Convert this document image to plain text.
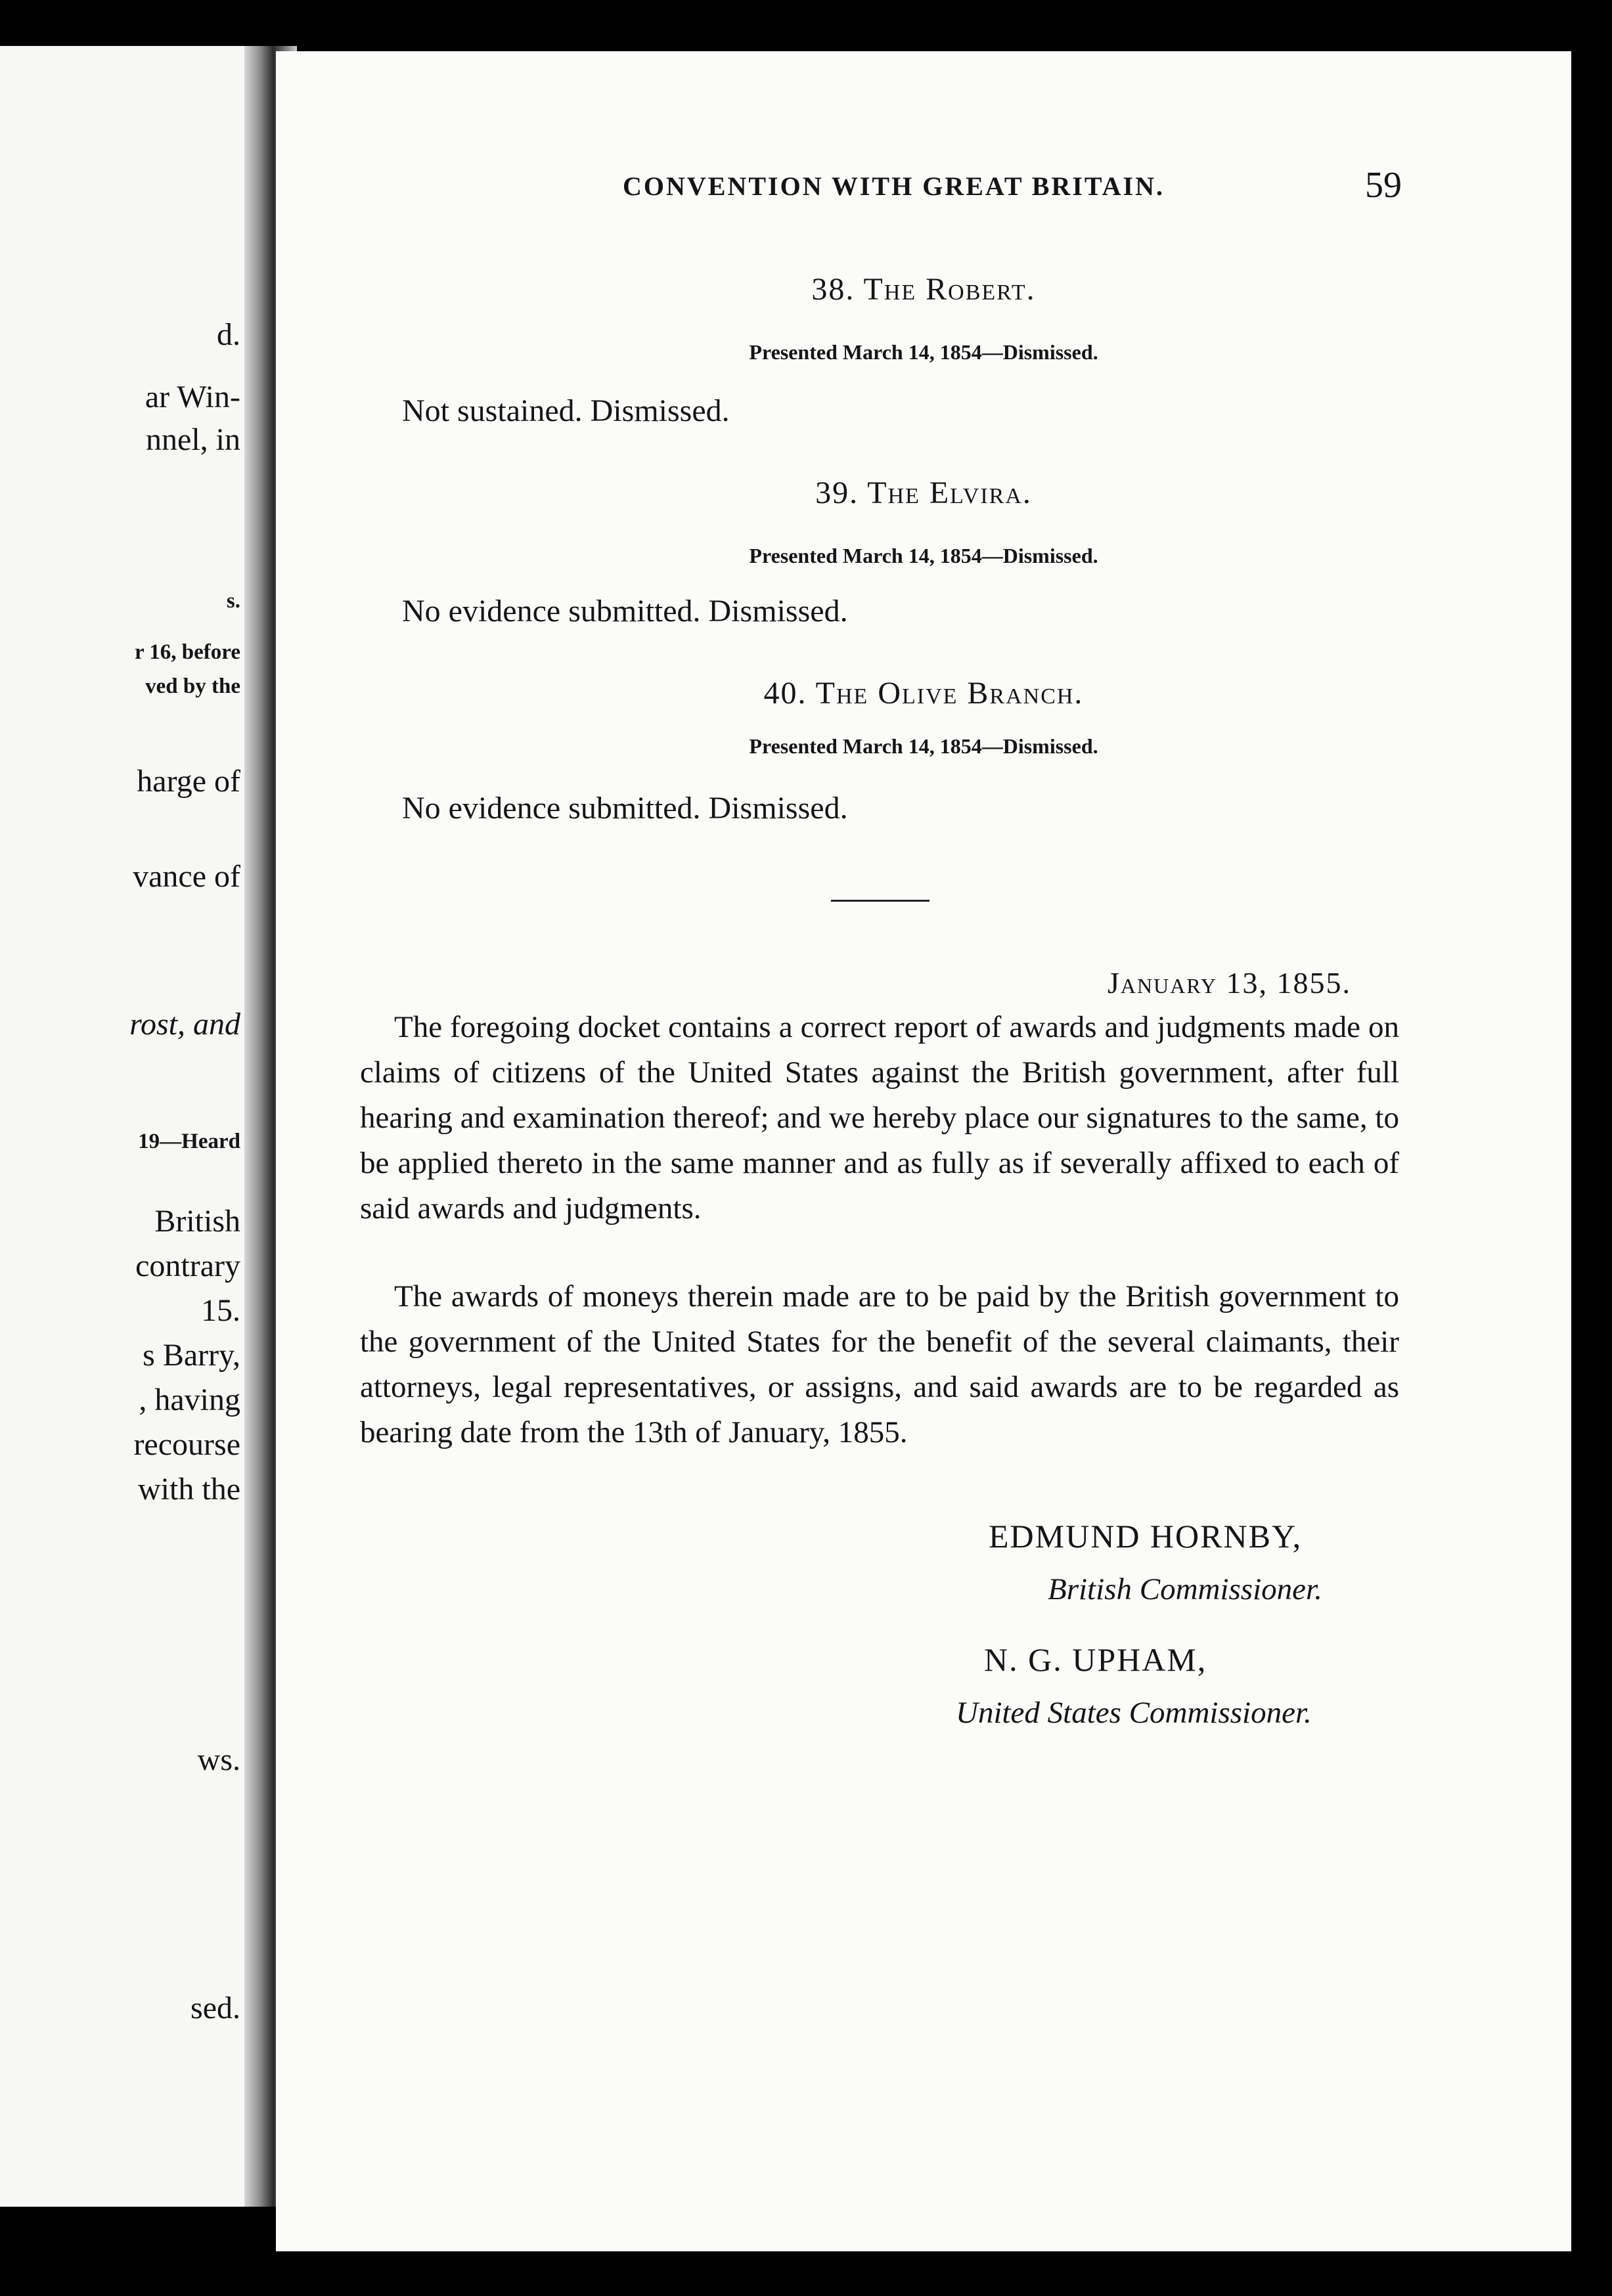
d.
ar Win-
nnel, in
s.
r 16, before
ved by the
harge of
vance of
rost, and
19—Heard
British
contrary
15.
s Barry,
, having
recourse
with the
ws.
sed.
CONVENTION WITH GREAT BRITAIN.	59
38. The Robert.
Presented March 14, 1854—Dismissed.
Not sustained. Dismissed.
39. The Elvira.
Presented March 14, 1854—Dismissed.
No evidence submitted. Dismissed.
40. The Olive Branch.
Presented March 14, 1854—Dismissed.
No evidence submitted. Dismissed.
January 13, 1855.

The foregoing docket contains a correct report of awards and judgments made on claims of citizens of the United States against the British government, after full hearing and examination thereof; and we hereby place our signatures to the same, to be applied thereto in the same manner and as fully as if severally affixed to each of said awards and judgments.

The awards of moneys therein made are to be paid by the British government to the government of the United States for the benefit of the several claimants, their attorneys, legal representatives, or assigns, and said awards are to be regarded as bearing date from the 13th of January, 1855.

EDMUND HORNBY,
British Commissioner.
N. G. UPHAM,
United States Commissioner.
